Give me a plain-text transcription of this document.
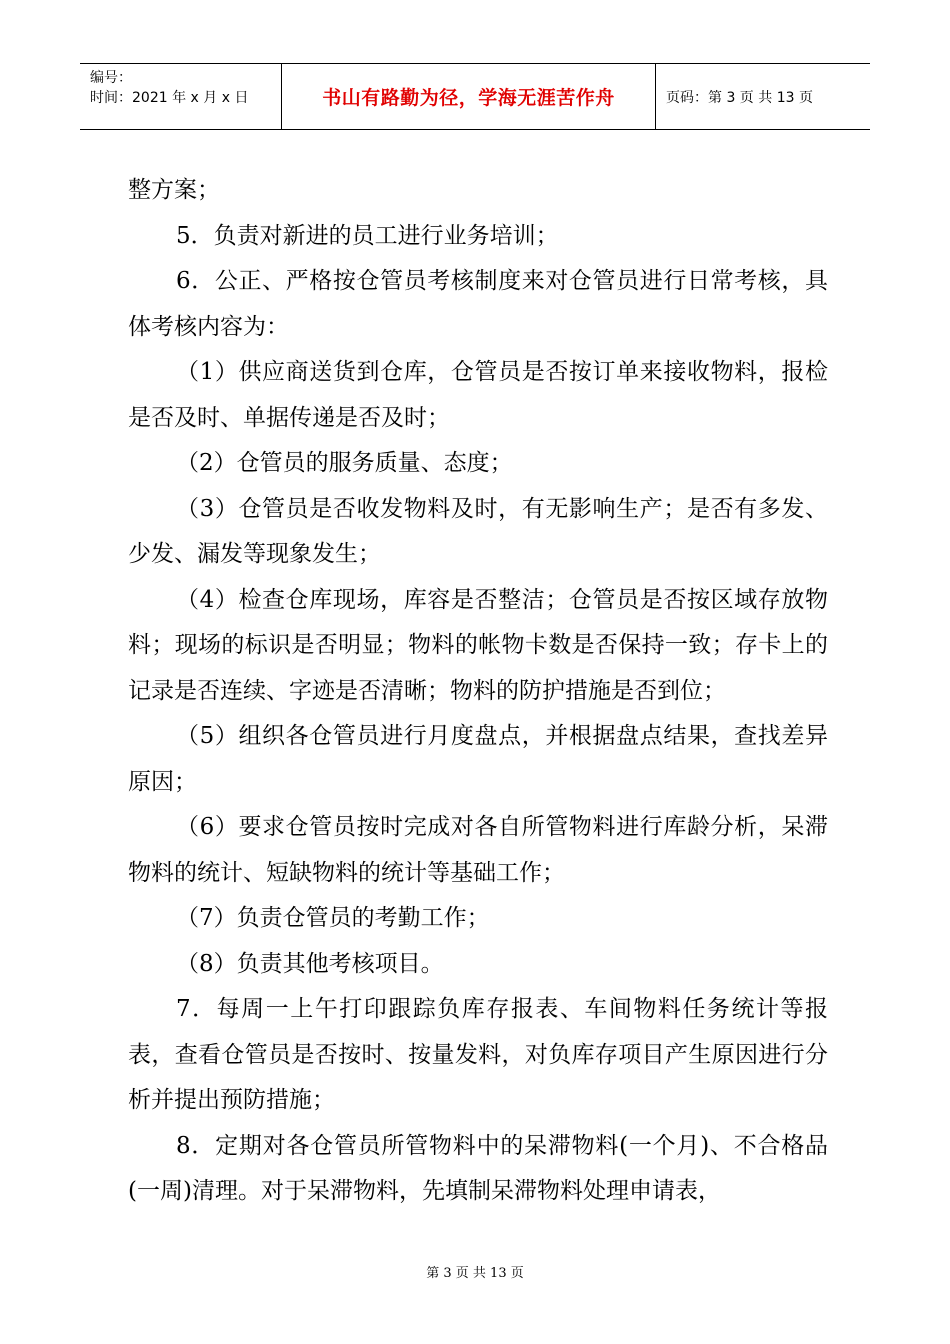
编号：
时间：2021 年 x 月 x 日	书山有路勤为径，学海无涯苦作舟	页码：第 3 页 共 13 页

整方案；

5．负责对新进的员工进行业务培训；

6．公正、严格按仓管员考核制度来对仓管员进行日常考核，具体考核内容为：

（1）供应商送货到仓库，仓管员是否按订单来接收物料，报检是否及时、单据传递是否及时；

（2）仓管员的服务质量、态度；

（3）仓管员是否收发物料及时，有无影响生产；是否有多发、少发、漏发等现象发生；

（4）检查仓库现场，库容是否整洁；仓管员是否按区域存放物料；现场的标识是否明显；物料的帐物卡数是否保持一致；存卡上的记录是否连续、字迹是否清晰；物料的防护措施是否到位；

（5）组织各仓管员进行月度盘点，并根据盘点结果，查找差异原因；

（6）要求仓管员按时完成对各自所管物料进行库龄分析，呆滞物料的统计、短缺物料的统计等基础工作；

（7）负责仓管员的考勤工作；

（8）负责其他考核项目。

7．每周一上午打印跟踪负库存报表、车间物料任务统计等报表，查看仓管员是否按时、按量发料，对负库存项目产生原因进行分析并提出预防措施；

8．定期对各仓管员所管物料中的呆滞物料(一个月)、不合格品(一周)清理。对于呆滞物料，先填制呆滞物料处理申请表，

第 3 页 共 13 页
